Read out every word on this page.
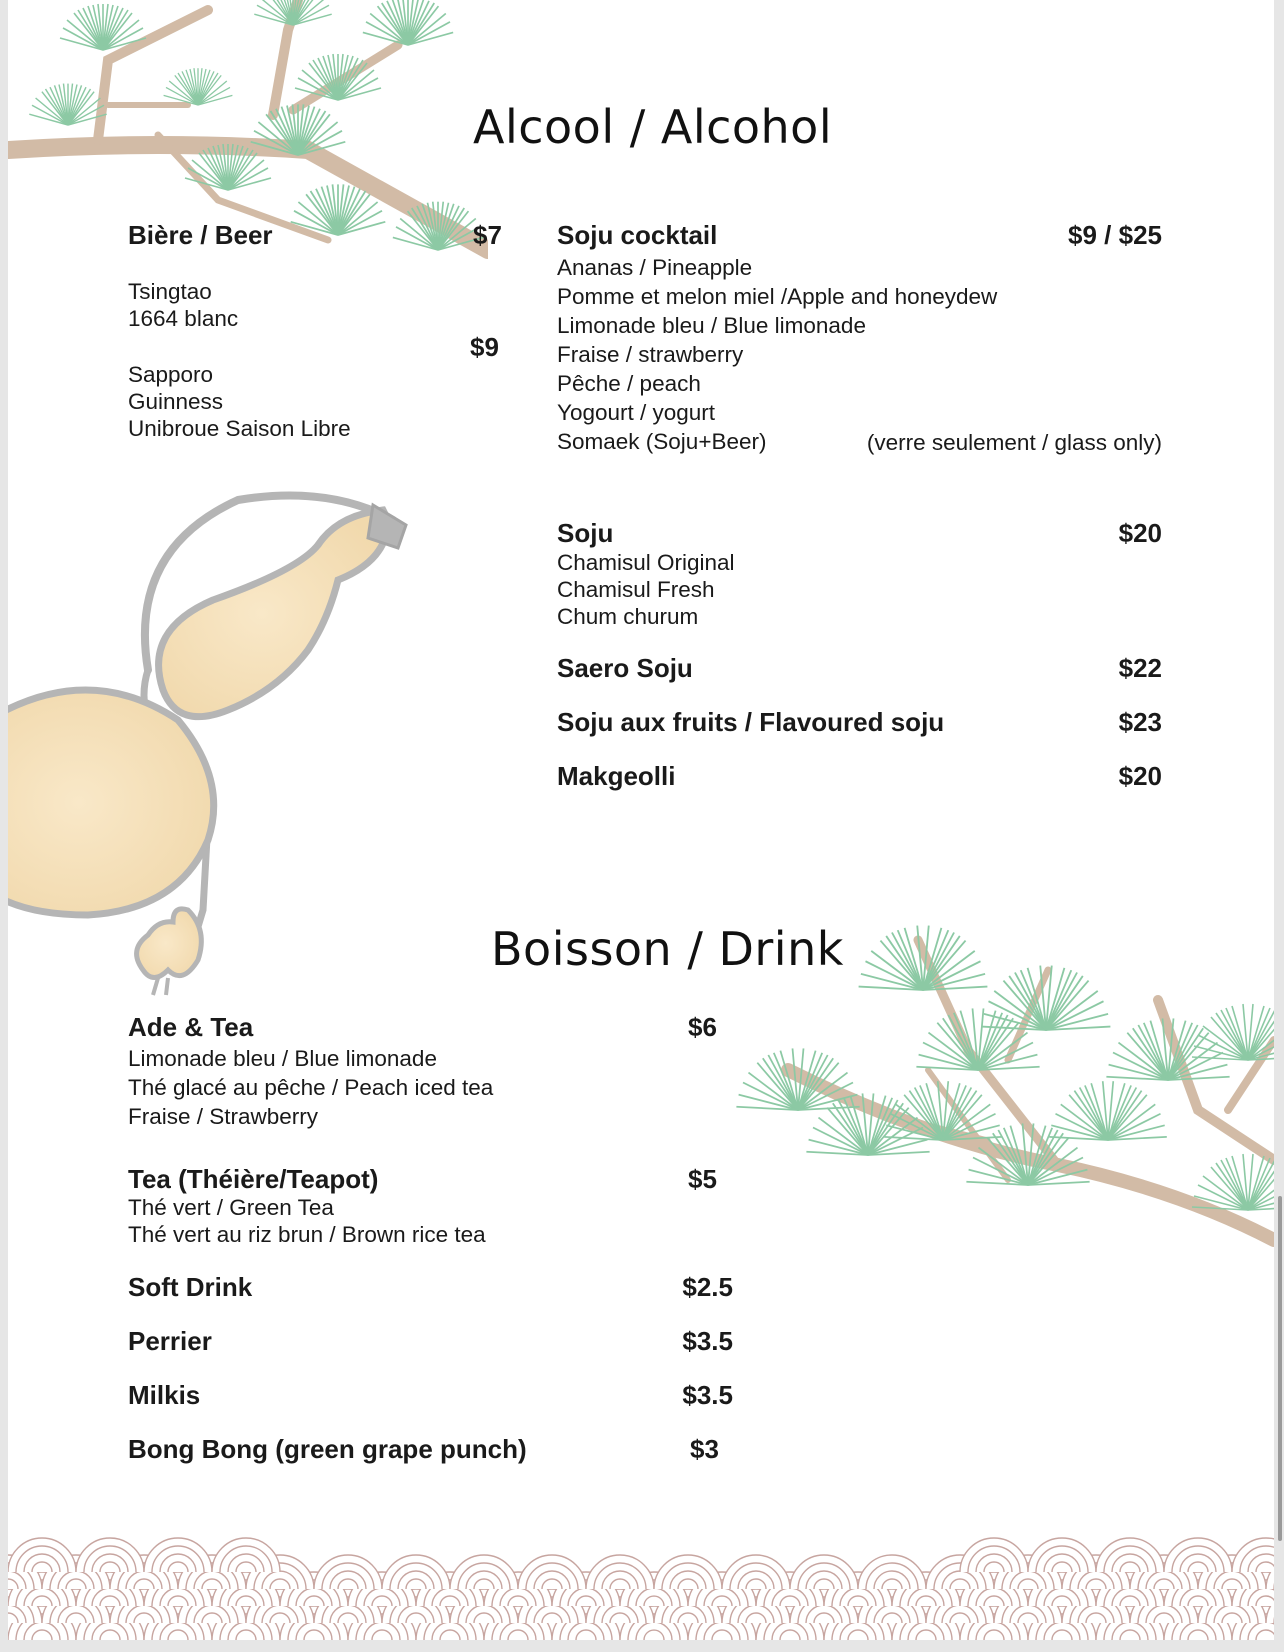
Alcool / Alcohol
Bière / Beer	$7
Tsingtao
1664 blanc
$9
Sapporo
Guinness
Unibroue Saison Libre
Soju cocktail	$9 / $25
Ananas / Pineapple
Pomme et melon miel /Apple and honeydew
Limonade bleu / Blue limonade
Fraise / strawberry
Pêche / peach
Yogourt / yogurt
Somaek (Soju+Beer)	(verre seulement / glass only)
Soju	$20
Chamisul Original
Chamisul Fresh
Chum churum
Saero Soju	$22
Soju aux fruits / Flavoured soju	$23
Makgeolli	$20
Boisson / Drink
Ade & Tea	$6
Limonade bleu / Blue limonade
Thé glacé au pêche / Peach iced tea
Fraise / Strawberry
Tea (Théière/Teapot)	$5
Thé vert / Green Tea
Thé vert au riz brun / Brown rice tea
Soft Drink	$2.5
Perrier	$3.5
Milkis	$3.5
Bong Bong (green grape punch)	$3
